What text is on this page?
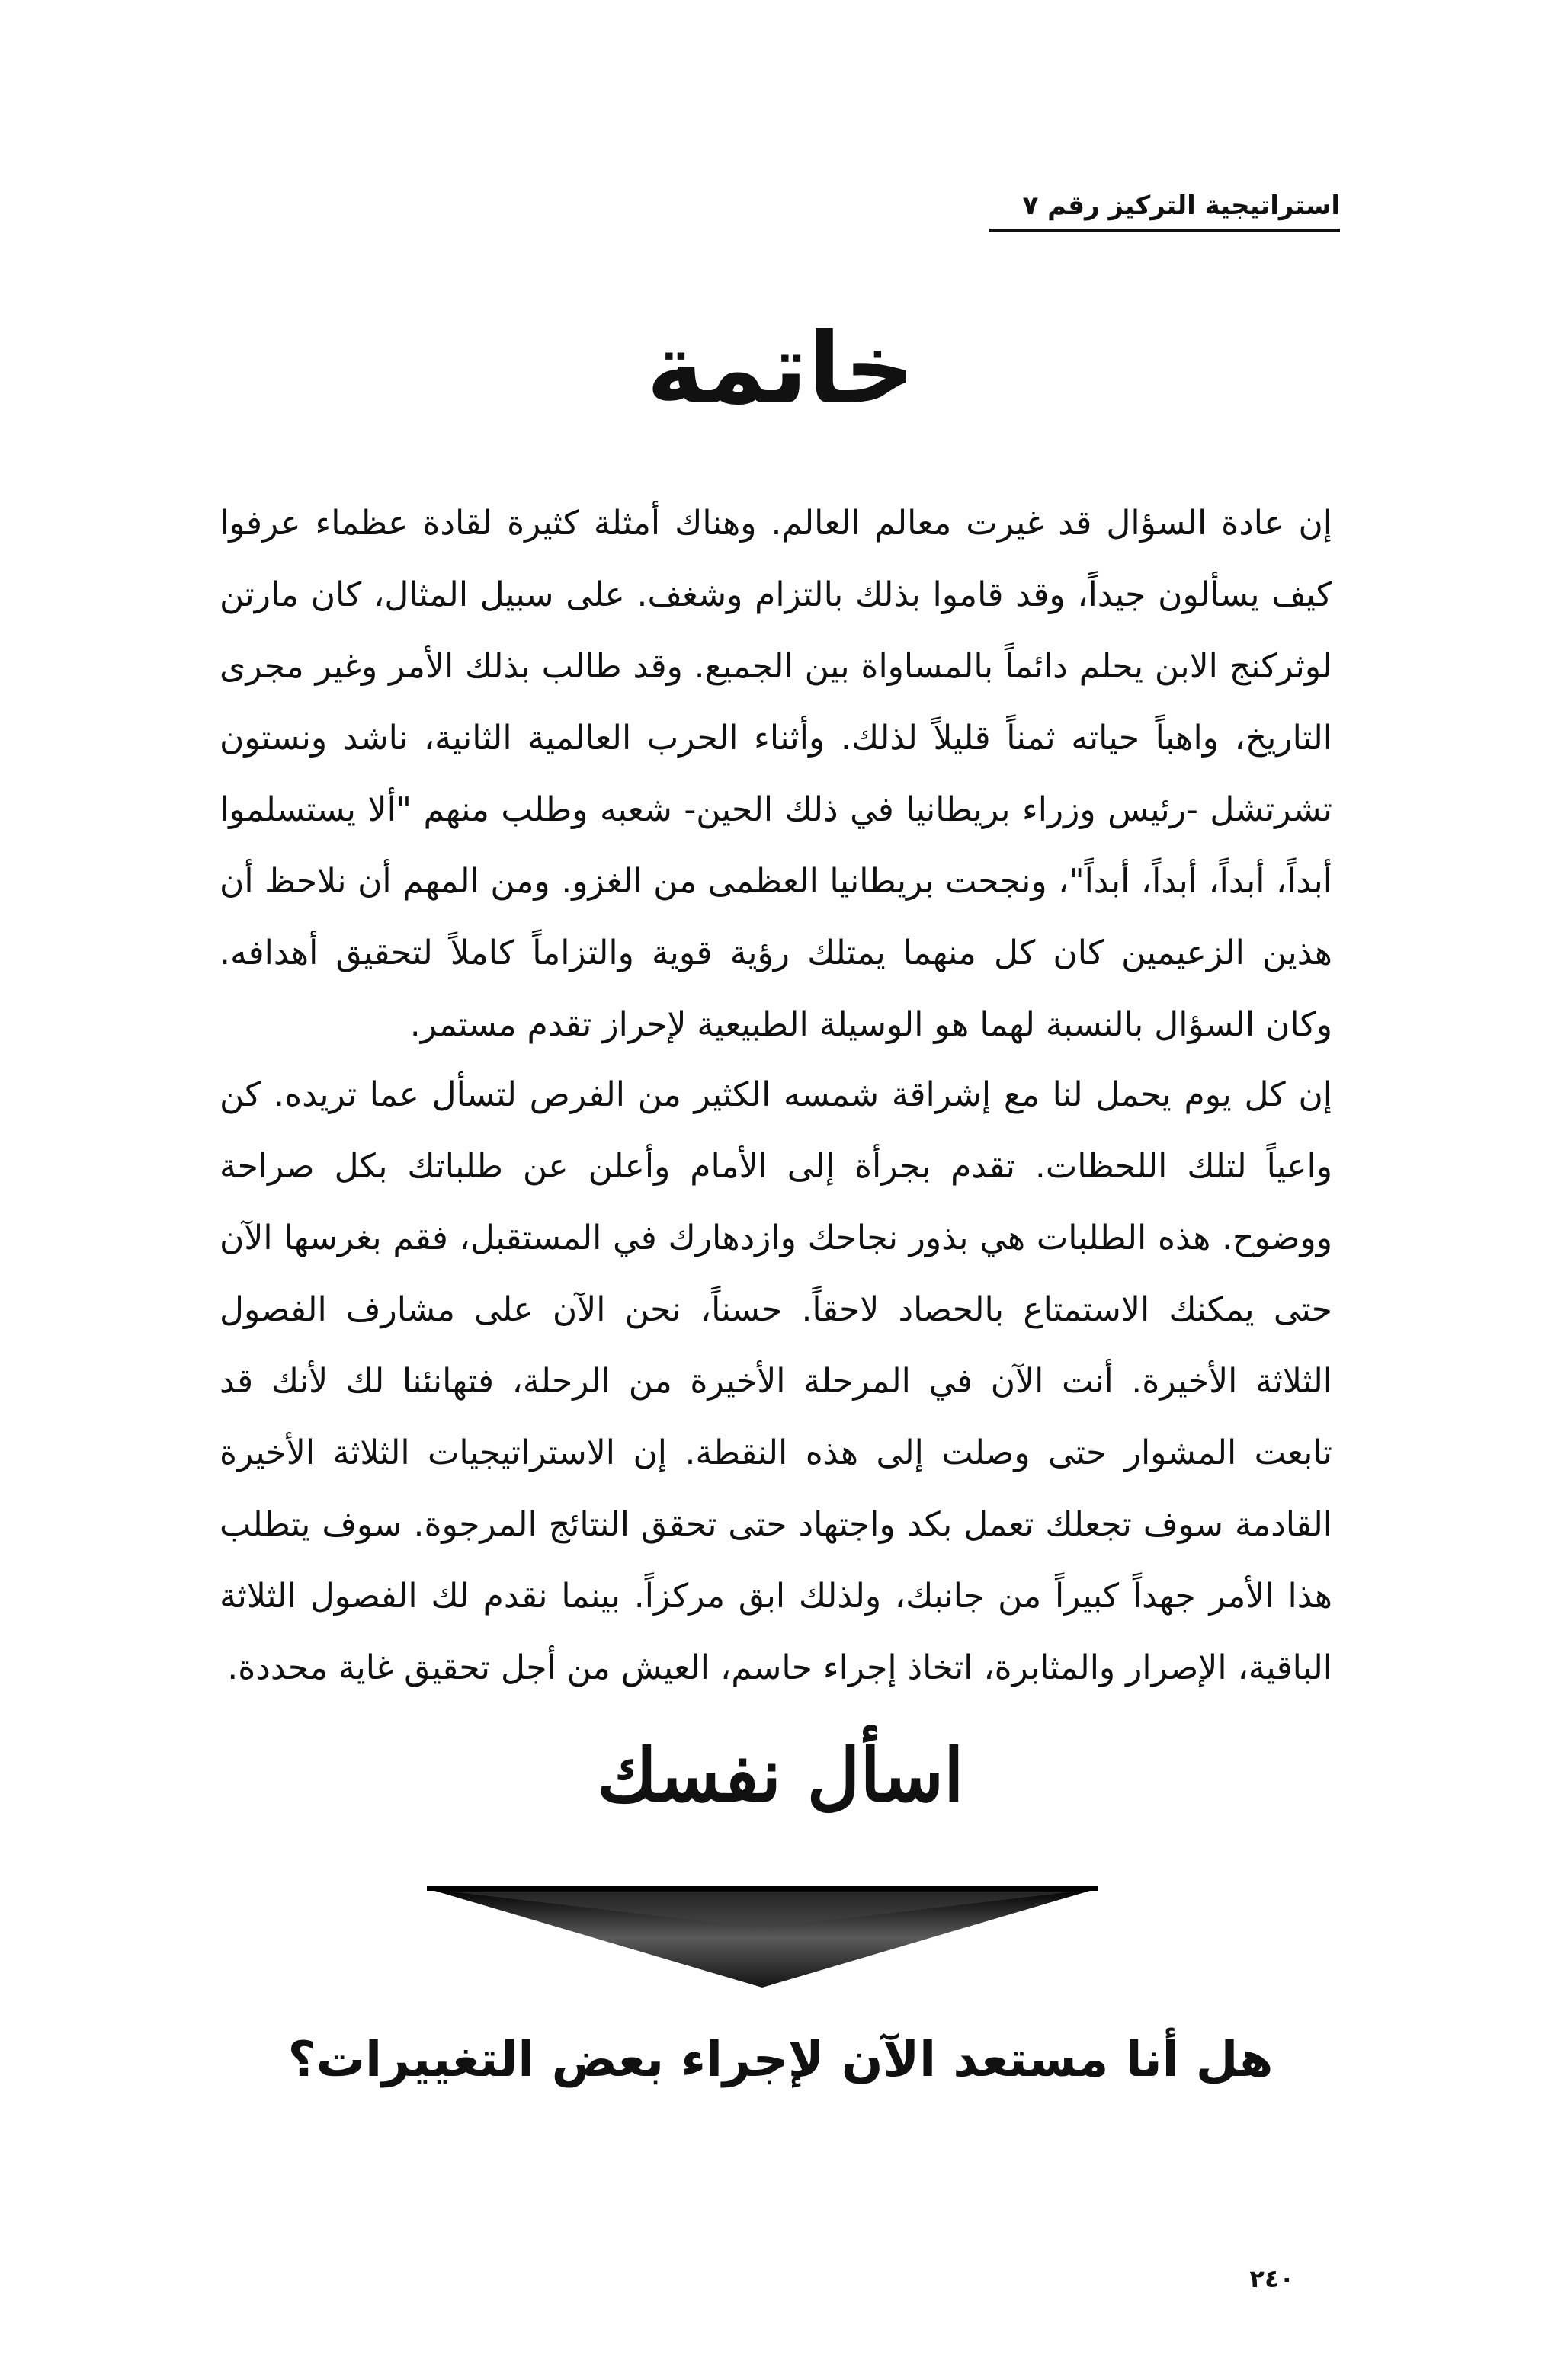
استراتيجية التركيز رقم ٧
خاتمة

إن عادة السؤال قد غيرت معالم العالم. وهناك أمثلة كثيرة لقادة عظماء عرفوا كيف يسألون جيداً، وقد قاموا بذلك بالتزام وشغف. على سبيل المثال، كان مارتن لوثركنج الابن يحلم دائماً بالمساواة بين الجميع. وقد طالب بذلك الأمر وغير مجرى التاريخ، واهباً حياته ثمناً قليلاً لذلك. وأثناء الحرب العالمية الثانية، ناشد ونستون تشرتشل -رئيس وزراء بريطانيا في ذلك الحين- شعبه وطلب منهم "ألا يستسلموا أبداً، أبداً، أبداً، أبداً"، ونجحت بريطانيا العظمى من الغزو. ومن المهم أن نلاحظ أن هذين الزعيمين كان كل منهما يمتلك رؤية قوية والتزاماً كاملاً لتحقيق أهدافه. وكان السؤال بالنسبة لهما هو الوسيلة الطبيعية لإحراز تقدم مستمر.

إن كل يوم يحمل لنا مع إشراقة شمسه الكثير من الفرص لتسأل عما تريده. كن واعياً لتلك اللحظات. تقدم بجرأة إلى الأمام وأعلن عن طلباتك بكل صراحة ووضوح. هذه الطلبات هي بذور نجاحك وازدهارك في المستقبل، فقم بغرسها الآن حتى يمكنك الاستمتاع بالحصاد لاحقاً. حسناً، نحن الآن على مشارف الفصول الثلاثة الأخيرة. أنت الآن في المرحلة الأخيرة من الرحلة، فتهانئنا لك لأنك قد تابعت المشوار حتى وصلت إلى هذه النقطة. إن الاستراتيجيات الثلاثة الأخيرة القادمة سوف تجعلك تعمل بكد واجتهاد حتى تحقق النتائج المرجوة. سوف يتطلب هذا الأمر جهداً كبيراً من جانبك، ولذلك ابق مركزاً. بينما نقدم لك الفصول الثلاثة الباقية، الإصرار والمثابرة، اتخاذ إجراء حاسم، العيش من أجل تحقيق غاية محددة.

اسأل نفسك
هل أنا مستعد الآن لإجراء بعض التغييرات؟
٢٤٠
